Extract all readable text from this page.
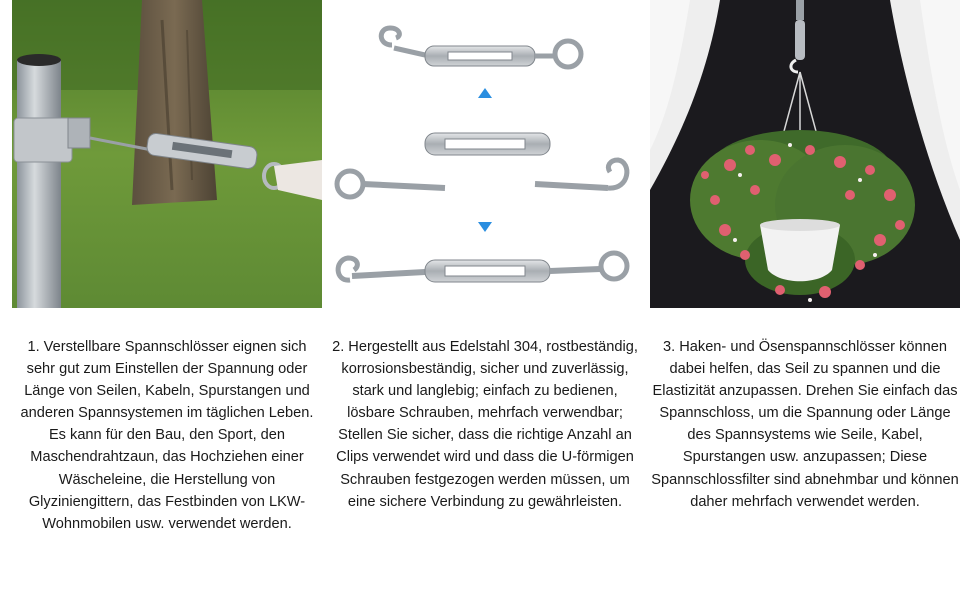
1. Verstellbare Spannschlösser eignen sich sehr gut zum Einstellen der Spannung oder Länge von Seilen, Kabeln, Spurstangen und anderen Spannsystemen im täglichen Leben. Es kann für den Bau, den Sport, den Maschendrahtzaun, das Hochziehen einer Wäscheleine, die Herstellung von Glyziniengittern, das Festbinden von LKW-Wohnmobilen usw. verwendet werden.

2. Hergestellt aus Edelstahl 304, rostbeständig, korrosionsbeständig, sicher und zuverlässig, stark und langlebig; einfach zu bedienen, lösbare Schrauben, mehrfach verwendbar; Stellen Sie sicher, dass die richtige Anzahl an Clips verwendet wird und dass die U-förmigen Schrauben festgezogen werden müssen, um eine sichere Verbindung zu gewährleisten.

3. Haken- und Ösenspannschlösser können dabei helfen, das Seil zu spannen und die Elastizität anzupassen. Drehen Sie einfach das Spannschloss, um die Spannung oder Länge des Spannsystems wie Seile, Kabel, Spurstangen usw. anzupassen; Diese Spannschlossfilter sind abnehmbar und können daher mehrfach verwendet werden.
